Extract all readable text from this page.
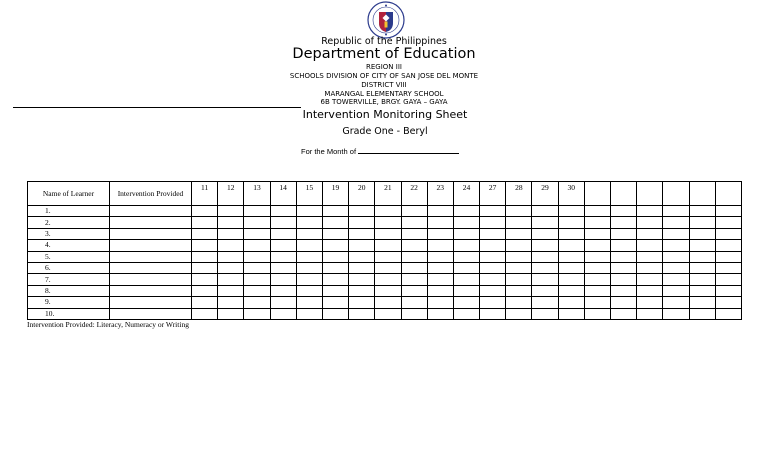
Republic of the Philippines
Department of Education
REGION III
SCHOOLS DIVISION OF CITY OF SAN JOSE DEL MONTE
DISTRICT VIII
MARANGAL ELEMENTARY SCHOOL
6B TOWERVILLE, BRGY. GAYA – GAYA
Intervention Monitoring Sheet
Grade One - Beryl
For the Month of
Name of Learner	Intervention Provided	11	12	13	14	15	19	20	21	22	23	24	27	28	29	30						
1.																						
2.																						
3.																						
4.																						
5.																						
6.																						
7.																						
8.																						
9.																						
10.																						
Intervention Provided: Literacy, Numeracy or Writing
